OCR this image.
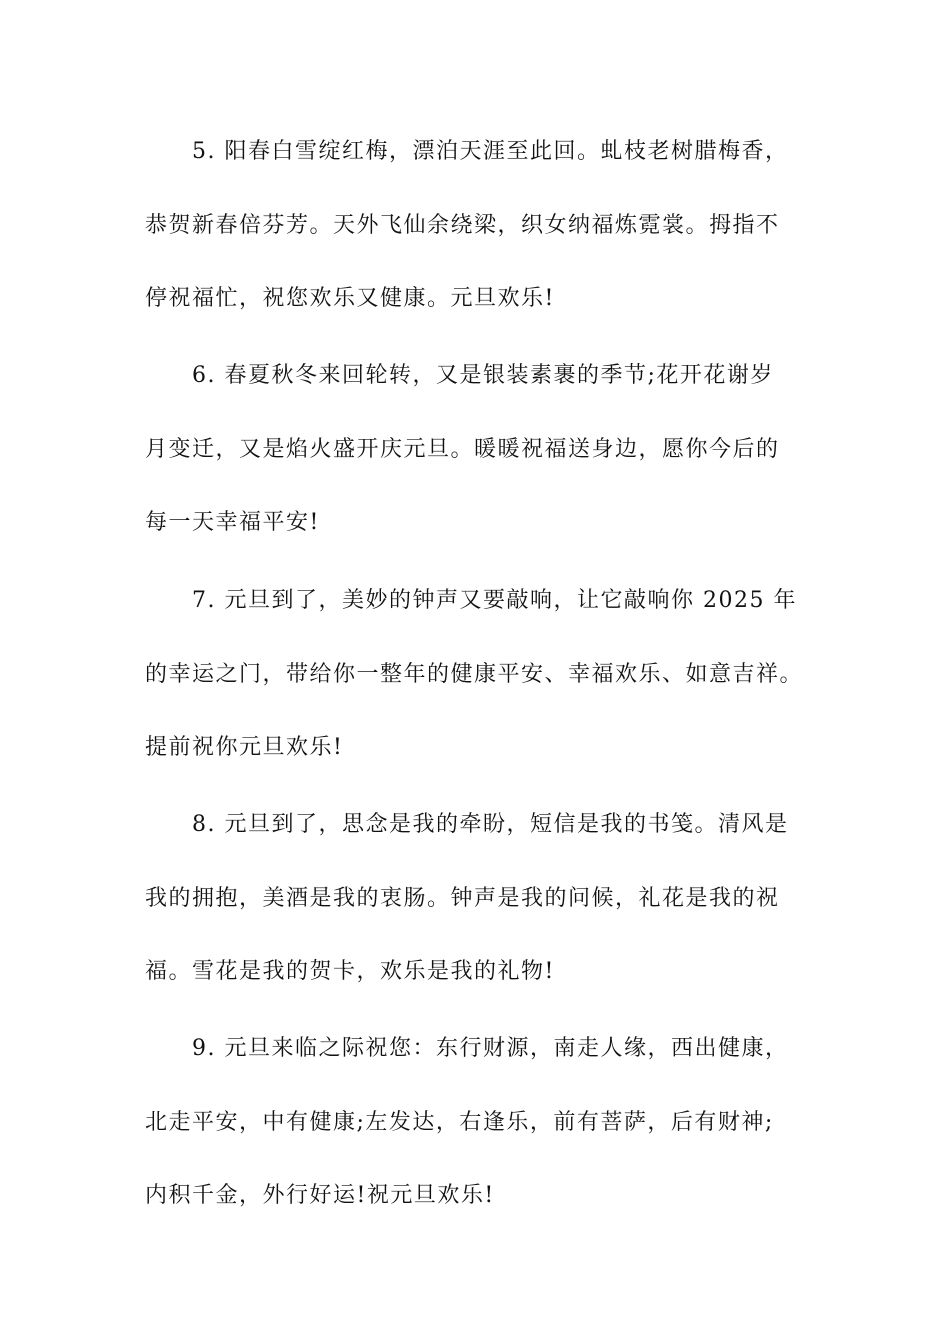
5. 阳春白雪绽红梅，漂泊天涯至此回。虬枝老树腊梅香，
恭贺新春倍芬芳。天外飞仙余绕梁，织女纳福炼霓裳。拇指不
停祝福忙，祝您欢乐又健康。元旦欢乐!
6. 春夏秋冬来回轮转，又是银装素裹的季节;花开花谢岁
月变迁，又是焰火盛开庆元旦。暖暖祝福送身边，愿你今后的
每一天幸福平安!
7. 元旦到了，美妙的钟声又要敲响，让它敲响你 2025 年
的幸运之门，带给你一整年的健康平安、幸福欢乐、如意吉祥。
提前祝你元旦欢乐!
8. 元旦到了，思念是我的牵盼，短信是我的书笺。清风是
我的拥抱，美酒是我的衷肠。钟声是我的问候，礼花是我的祝
福。雪花是我的贺卡，欢乐是我的礼物!
9. 元旦来临之际祝您：东行财源，南走人缘，西出健康，
北走平安，中有健康;左发达，右逢乐，前有菩萨，后有财神;
内积千金，外行好运!祝元旦欢乐!
